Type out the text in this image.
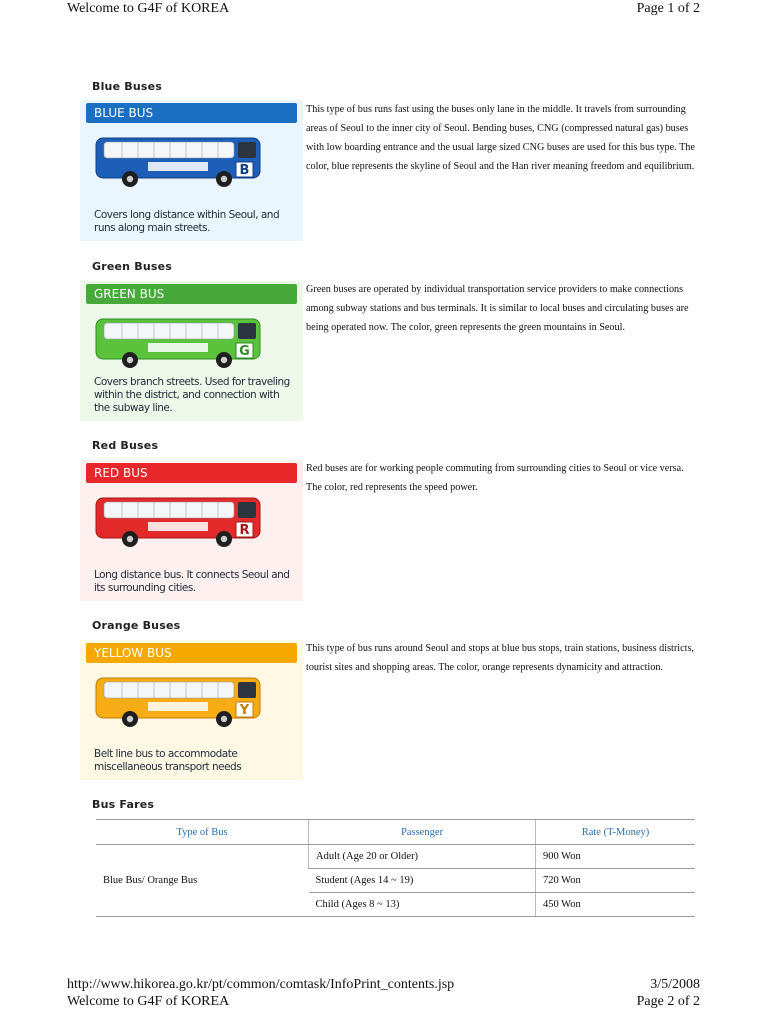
Welcome to G4F of KOREA	Page 1 of 2
Blue Buses
BLUE BUS
B
Covers long distance within Seoul, and runs along main streets.
This type of bus runs fast using the buses only lane in the middle. It travels from surrounding areas of Seoul to the inner city of Seoul. Bending buses, CNG (compressed natural gas) buses with low boarding entrance and the usual large sized CNG buses are used for this bus type. The color, blue represents the skyline of Seoul and the Han river meaning freedom and equilibrium.
Green Buses
GREEN BUS
G
Covers branch streets. Used for traveling within the district, and connection with the subway line.
Green buses are operated by individual transportation service providers to make connections among subway stations and bus terminals. It is similar to local buses and circulating buses are being operated now. The color, green represents the green mountains in Seoul.
Red Buses
RED BUS
R
Long distance bus. It connects Seoul and its surrounding cities.
Red buses are for working people commuting from surrounding cities to Seoul or vice versa. The color, red represents the speed power.
Orange Buses
YELLOW BUS
Y
Belt line bus to accommodate miscellaneous transport needs
This type of bus runs around Seoul and stops at blue bus stops, train stations, business districts, tourist sites and shopping areas. The color, orange represents dynamicity and attraction.
Bus Fares
Type of Bus	Passenger	Rate (T-Money)
Blue Bus/ Orange Bus	Adult (Age 20 or Older)	900 Won
	Student (Ages 14 ~ 19)	720 Won
	Child (Ages 8 ~ 13)	450 Won
http://www.hikorea.go.kr/pt/common/comtask/InfoPrint_contents.jsp	3/5/2008
Welcome to G4F of KOREA	Page 2 of 2
